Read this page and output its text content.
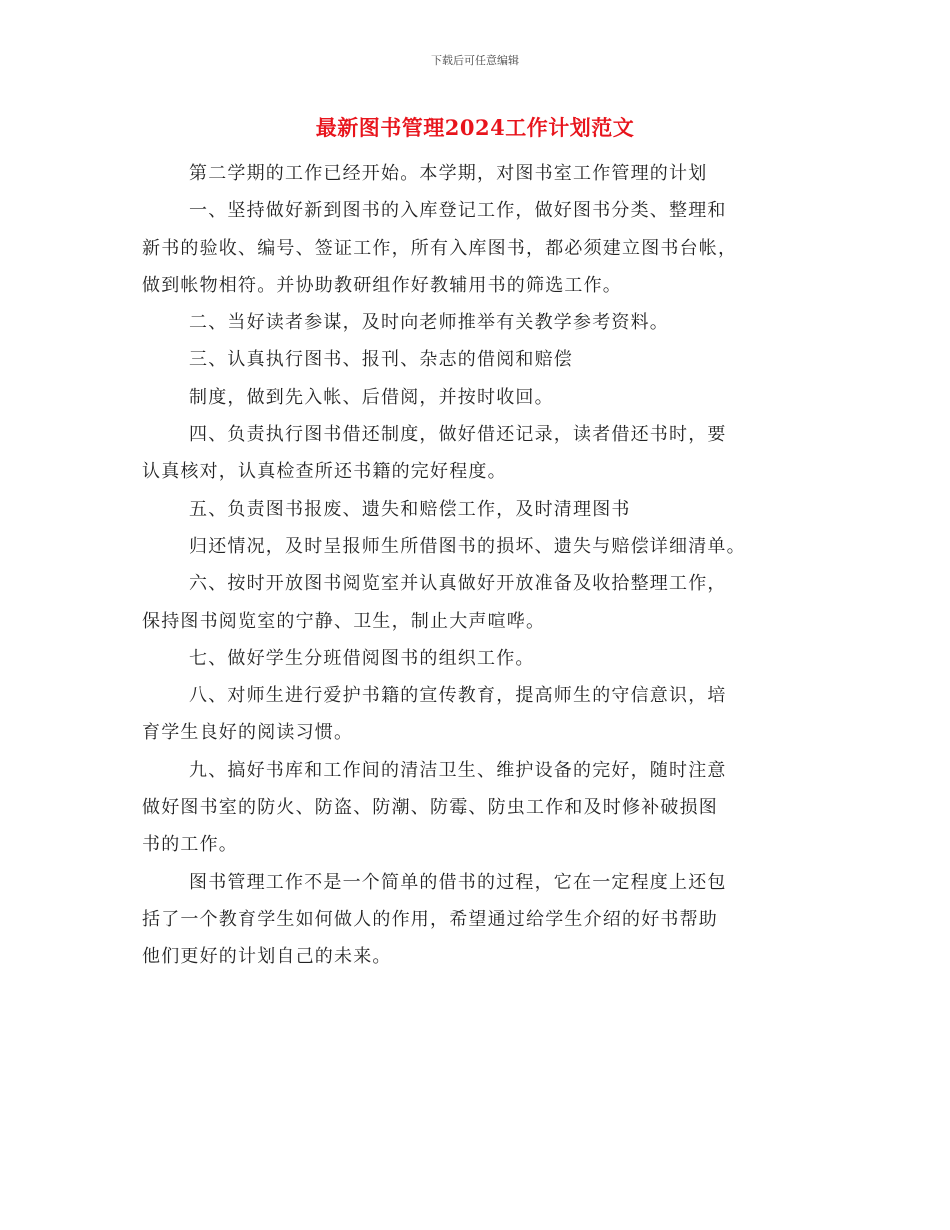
下载后可任意编辑
最新图书管理2024工作计划范文

第二学期的工作已经开始。本学期，对图书室工作管理的计划

一、坚持做好新到图书的入库登记工作，做好图书分类、整理和

新书的验收、编号、签证工作，所有入库图书，都必须建立图书台帐，

做到帐物相符。并协助教研组作好教辅用书的筛选工作。

二、当好读者参谋，及时向老师推举有关教学参考资料。

三、认真执行图书、报刊、杂志的借阅和赔偿

制度，做到先入帐、后借阅，并按时收回。

四、负责执行图书借还制度，做好借还记录，读者借还书时，要

认真核对，认真检查所还书籍的完好程度。

五、负责图书报废、遗失和赔偿工作，及时清理图书

归还情况，及时呈报师生所借图书的损坏、遗失与赔偿详细清单。

六、按时开放图书阅览室并认真做好开放准备及收拾整理工作，

保持图书阅览室的宁静、卫生，制止大声喧哗。

七、做好学生分班借阅图书的组织工作。

八、对师生进行爱护书籍的宣传教育，提高师生的守信意识，培

育学生良好的阅读习惯。

九、搞好书库和工作间的清洁卫生、维护设备的完好，随时注意

做好图书室的防火、防盗、防潮、防霉、防虫工作和及时修补破损图

书的工作。

图书管理工作不是一个简单的借书的过程，它在一定程度上还包

括了一个教育学生如何做人的作用，希望通过给学生介绍的好书帮助

他们更好的计划自己的未来。
